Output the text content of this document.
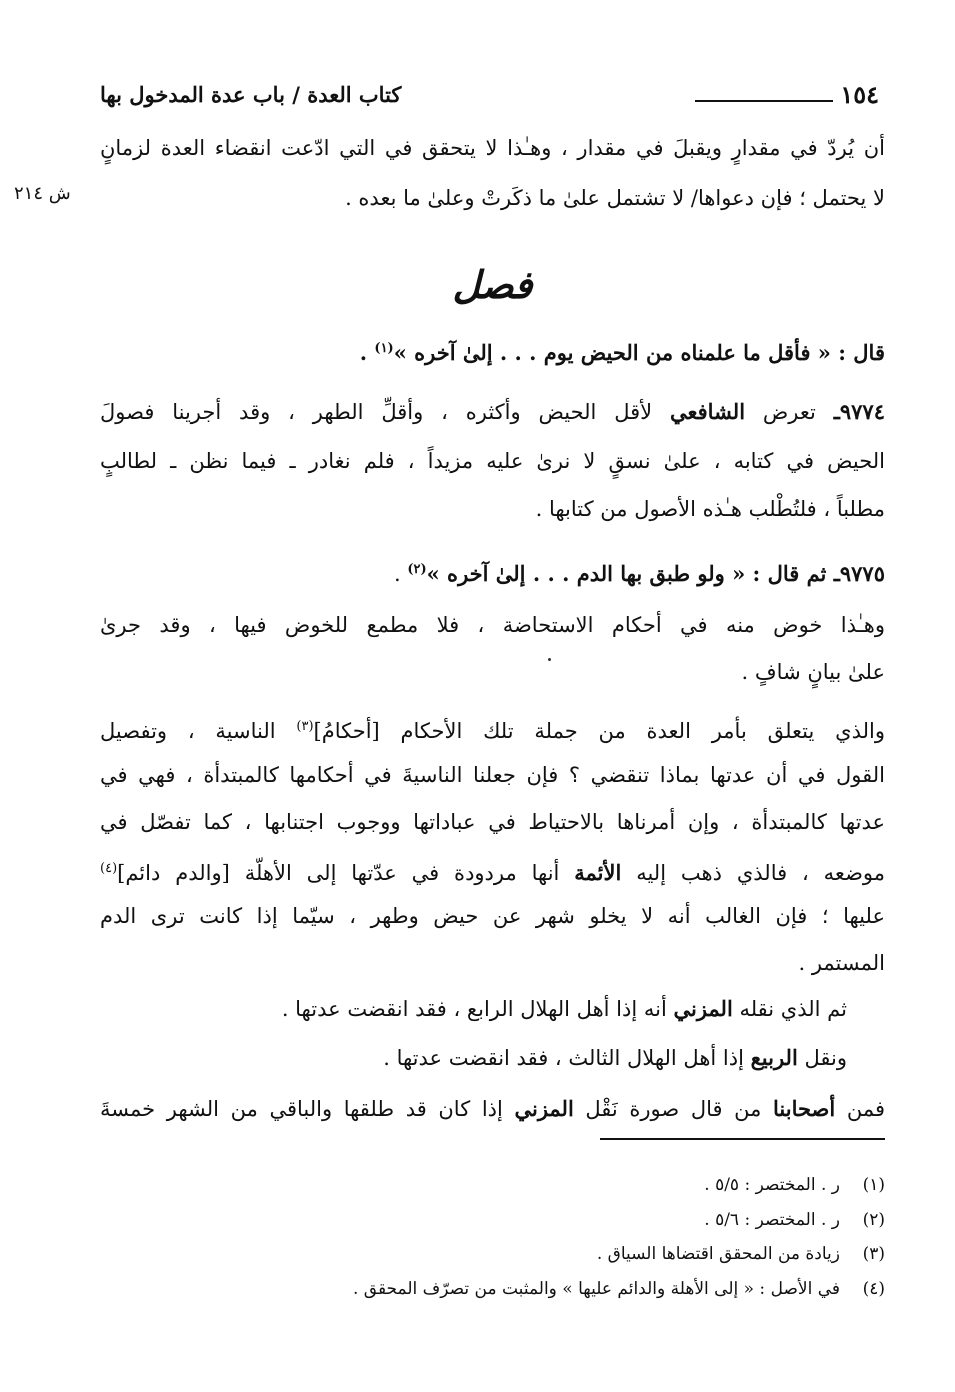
١٥٤
كتاب العدة / باب عدة المدخول بها
أن يُردّ في مقدارٍ ويقبلَ في مقدار ، وهـٰذا لا يتحقق في التي ادّعت انقضاء العدة لزمانٍ
لا يحتمل ؛ فإن دعواها/ لا تشتمل علىٰ ما ذكَرتْ وعلىٰ ما بعده .
فصل
قال : « فأقل ما علمناه من الحيض يوم . . . إلىٰ آخره »$^{(١)}$ .
٩٧٧٤ـ تعرض الشافعي لأقل الحيض وأكثره ، وأقلِّ الطهر ، وقد أجرينا فصولَ
الحيض في كتابه ، علىٰ نسقٍ لا نرىٰ عليه مزيداً ، فلم نغادر ـ فيما نظن ـ لطالبٍ
مطلباً ، فلتُطْلب هـٰذه الأصول من كتابها .
٩٧٧٥ـ ثم قال : « ولو طبق بها الدم . . . إلىٰ آخره »$^{(٢)}$ .
وهـٰذا خوض منه في أحكام الاستحاضة ، فلا مطمع للخوض فيها ، وقد جرىٰ
علىٰ بيانٍ شافٍ .
والذي يتعلق بأمر العدة من جملة تلك الأحكام [أحكامُ]$^{(٣)}$ الناسية ، وتفصيل
القول في أن عدتها بماذا تنقضي ؟ فإن جعلنا الناسيةَ في أحكامها كالمبتدأة ، فهي في
عدتها كالمبتدأة ، وإن أمرناها بالاحتياط في عباداتها ووجوب اجتنابها ، كما تفصّل في
موضعه ، فالذي ذهب إليه الأئمة أنها مردودة في عدّتها إلى الأهلّة [والدم دائم]$^{(٤)}$
عليها ؛ فإن الغالب أنه لا يخلو شهر عن حيض وطهر ، سيّما إذا كانت ترى الدم
المستمر .
ثم الذي نقله المزني أنه إذا أهل الهلال الرابع ، فقد انقضت عدتها .
ونقل الربيع إذا أهل الهلال الثالث ، فقد انقضت عدتها .
فمن أصحابنا من قال صورة نَقْل المزني إذا كان قد طلقها والباقي من الشهر خمسةَ
(١)ر . المختصر : ٥/٥ .
(٢)ر . المختصر : ٥/٦ .
(٣)زيادة من المحقق اقتضاها السياق .
(٤)في الأصل : « إلى الأهلة والدائم عليها » والمثبت من تصرّف المحقق .
ش ٢١٤
